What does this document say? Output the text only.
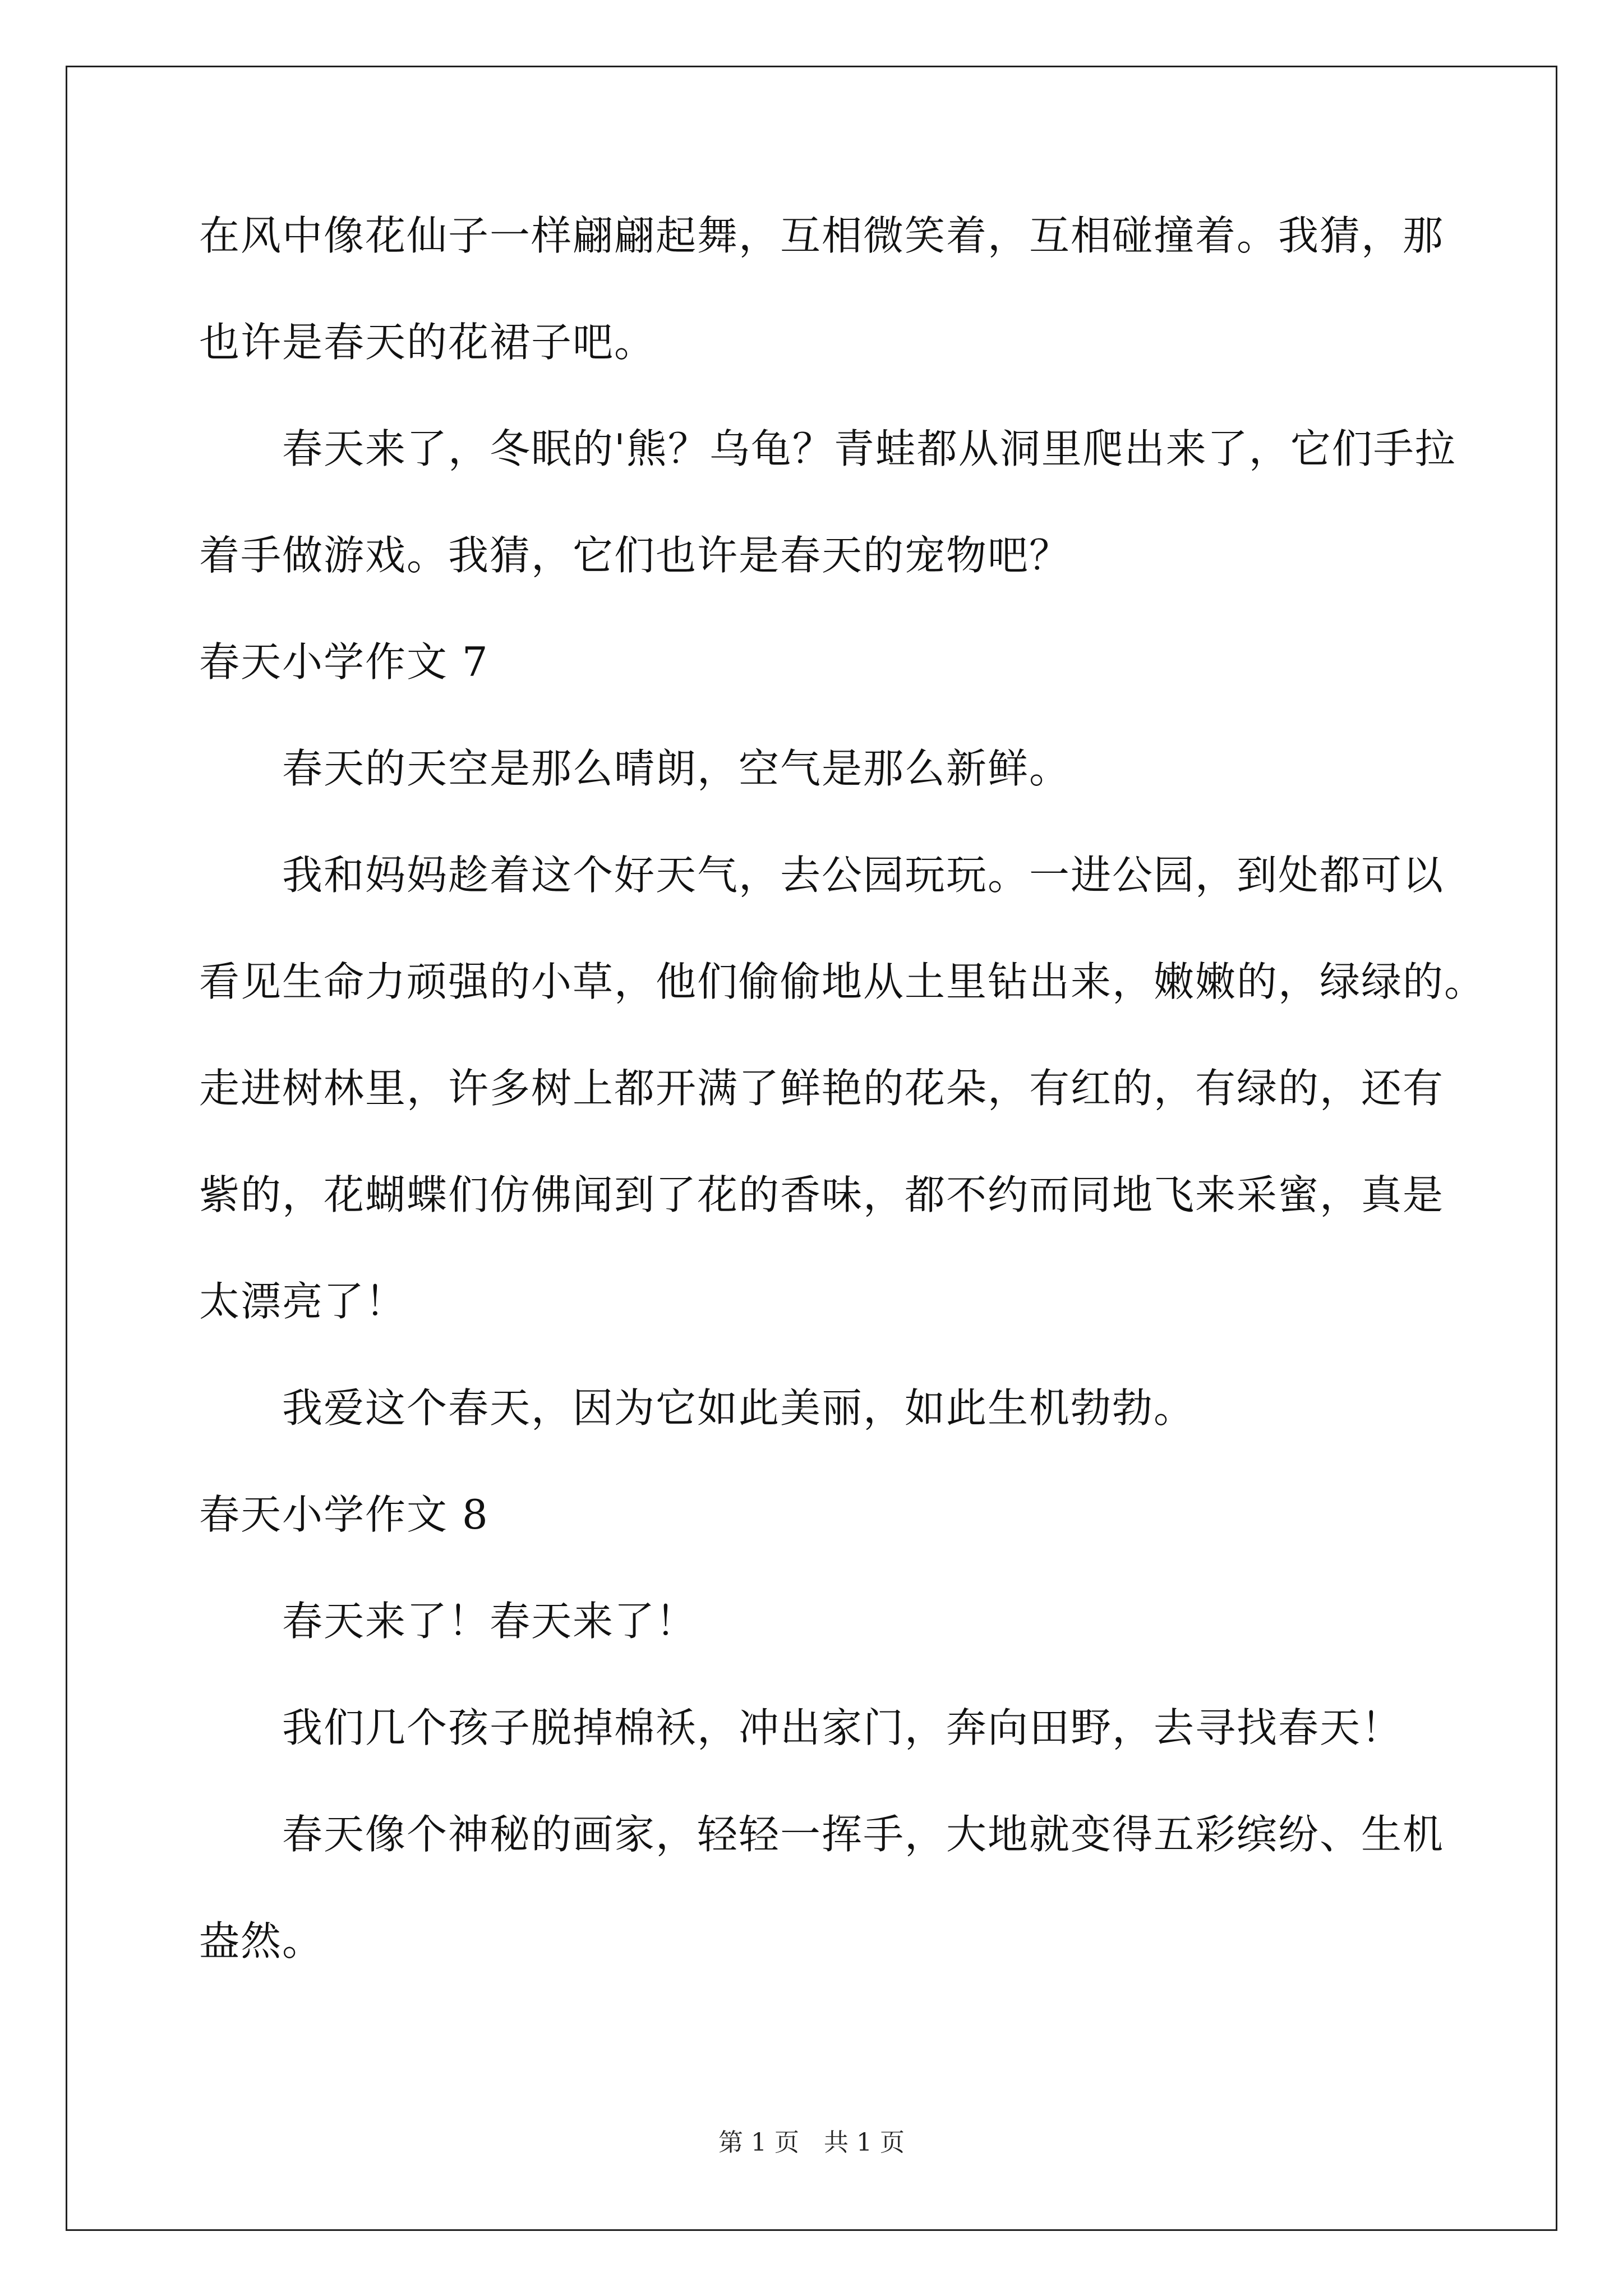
在风中像花仙子一样翩翩起舞，互相微笑着，互相碰撞着。我猜，那
也许是春天的花裙子吧。
春天来了，冬眠的'熊？乌龟？青蛙都从洞里爬出来了，它们手拉
着手做游戏。我猜，它们也许是春天的宠物吧？
春天小学作文 7
春天的天空是那么晴朗，空气是那么新鲜。
我和妈妈趁着这个好天气，去公园玩玩。一进公园，到处都可以
看见生命力顽强的小草，他们偷偷地从土里钻出来，嫩嫩的，绿绿的。
走进树林里，许多树上都开满了鲜艳的花朵，有红的，有绿的，还有
紫的，花蝴蝶们仿佛闻到了花的香味，都不约而同地飞来采蜜，真是
太漂亮了！
我爱这个春天，因为它如此美丽，如此生机勃勃。
春天小学作文 8
春天来了！春天来了！
我们几个孩子脱掉棉袄，冲出家门，奔向田野，去寻找春天！
春天像个神秘的画家，轻轻一挥手，大地就变得五彩缤纷、生机
盎然。
第 1 页　共 1 页
